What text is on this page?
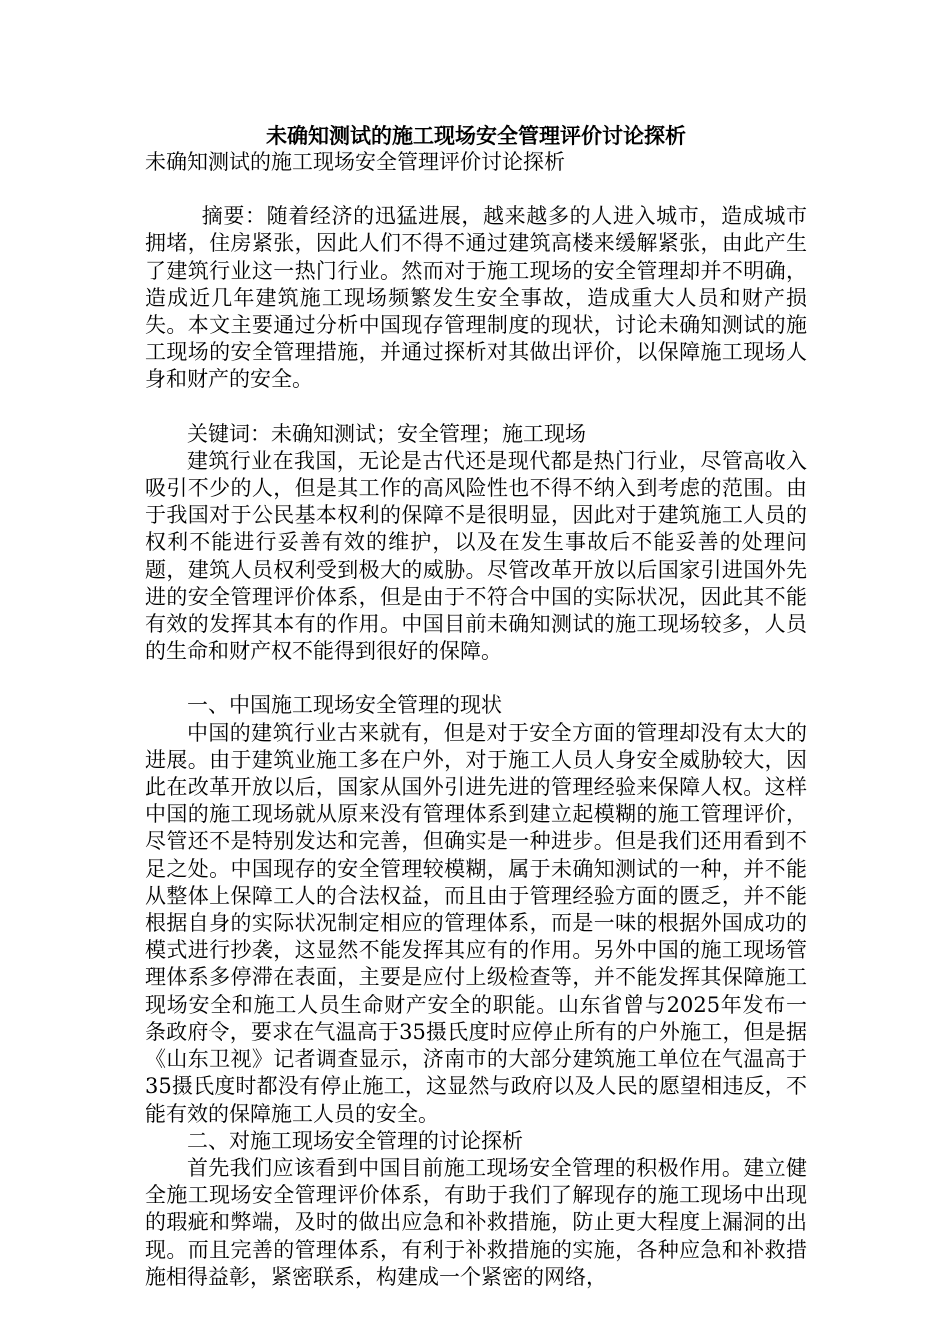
未确知测试的施工现场安全管理评价讨论探析

未确知测试的施工现场安全管理评价讨论探析

摘要：随着经济的迅猛进展，越来越多的人进入城市，造成城市拥堵，住房紧张，因此人们不得不通过建筑高楼来缓解紧张，由此产生了建筑行业这一热门行业。然而对于施工现场的安全管理却并不明确，造成近几年建筑施工现场频繁发生安全事故，造成重大人员和财产损失。本文主要通过分析中国现存管理制度的现状，讨论未确知测试的施工现场的安全管理措施，并通过探析对其做出评价，以保障施工现场人身和财产的安全。

关键词：未确知测试；安全管理；施工现场

建筑行业在我国，无论是古代还是现代都是热门行业，尽管高收入吸引不少的人，但是其工作的高风险性也不得不纳入到考虑的范围。由于我国对于公民基本权利的保障不是很明显，因此对于建筑施工人员的权利不能进行妥善有效的维护，以及在发生事故后不能妥善的处理问题，建筑人员权利受到极大的威胁。尽管改革开放以后国家引进国外先进的安全管理评价体系，但是由于不符合中国的实际状况，因此其不能有效的发挥其本有的作用。中国目前未确知测试的施工现场较多，人员的生命和财产权不能得到很好的保障。

一、中国施工现场安全管理的现状

中国的建筑行业古来就有，但是对于安全方面的管理却没有太大的进展。由于建筑业施工多在户外，对于施工人员人身安全威胁较大，因此在改革开放以后，国家从国外引进先进的管理经验来保障人权。这样中国的施工现场就从原来没有管理体系到建立起模糊的施工管理评价，尽管还不是特别发达和完善，但确实是一种进步。但是我们还用看到不足之处。中国现存的安全管理较模糊，属于未确知测试的一种，并不能从整体上保障工人的合法权益，而且由于管理经验方面的匮乏，并不能根据自身的实际状况制定相应的管理体系，而是一味的根据外国成功的模式进行抄袭，这显然不能发挥其应有的作用。另外中国的施工现场管理体系多停滞在表面，主要是应付上级检查等，并不能发挥其保障施工现场安全和施工人员生命财产安全的职能。山东省曾与2025年发布一条政府令，要求在气温高于35摄氏度时应停止所有的户外施工，但是据《山东卫视》记者调查显示，济南市的大部分建筑施工单位在气温高于35摄氏度时都没有停止施工，这显然与政府以及人民的愿望相违反，不能有效的保障施工人员的安全。

二、对施工现场安全管理的讨论探析

首先我们应该看到中国目前施工现场安全管理的积极作用。建立健全施工现场安全管理评价体系，有助于我们了解现存的施工现场中出现的瑕疵和弊端，及时的做出应急和补救措施，防止更大程度上漏洞的出现。而且完善的管理体系，有利于补救措施的实施，各种应急和补救措施相得益彰，紧密联系，构建成一个紧密的网络，
